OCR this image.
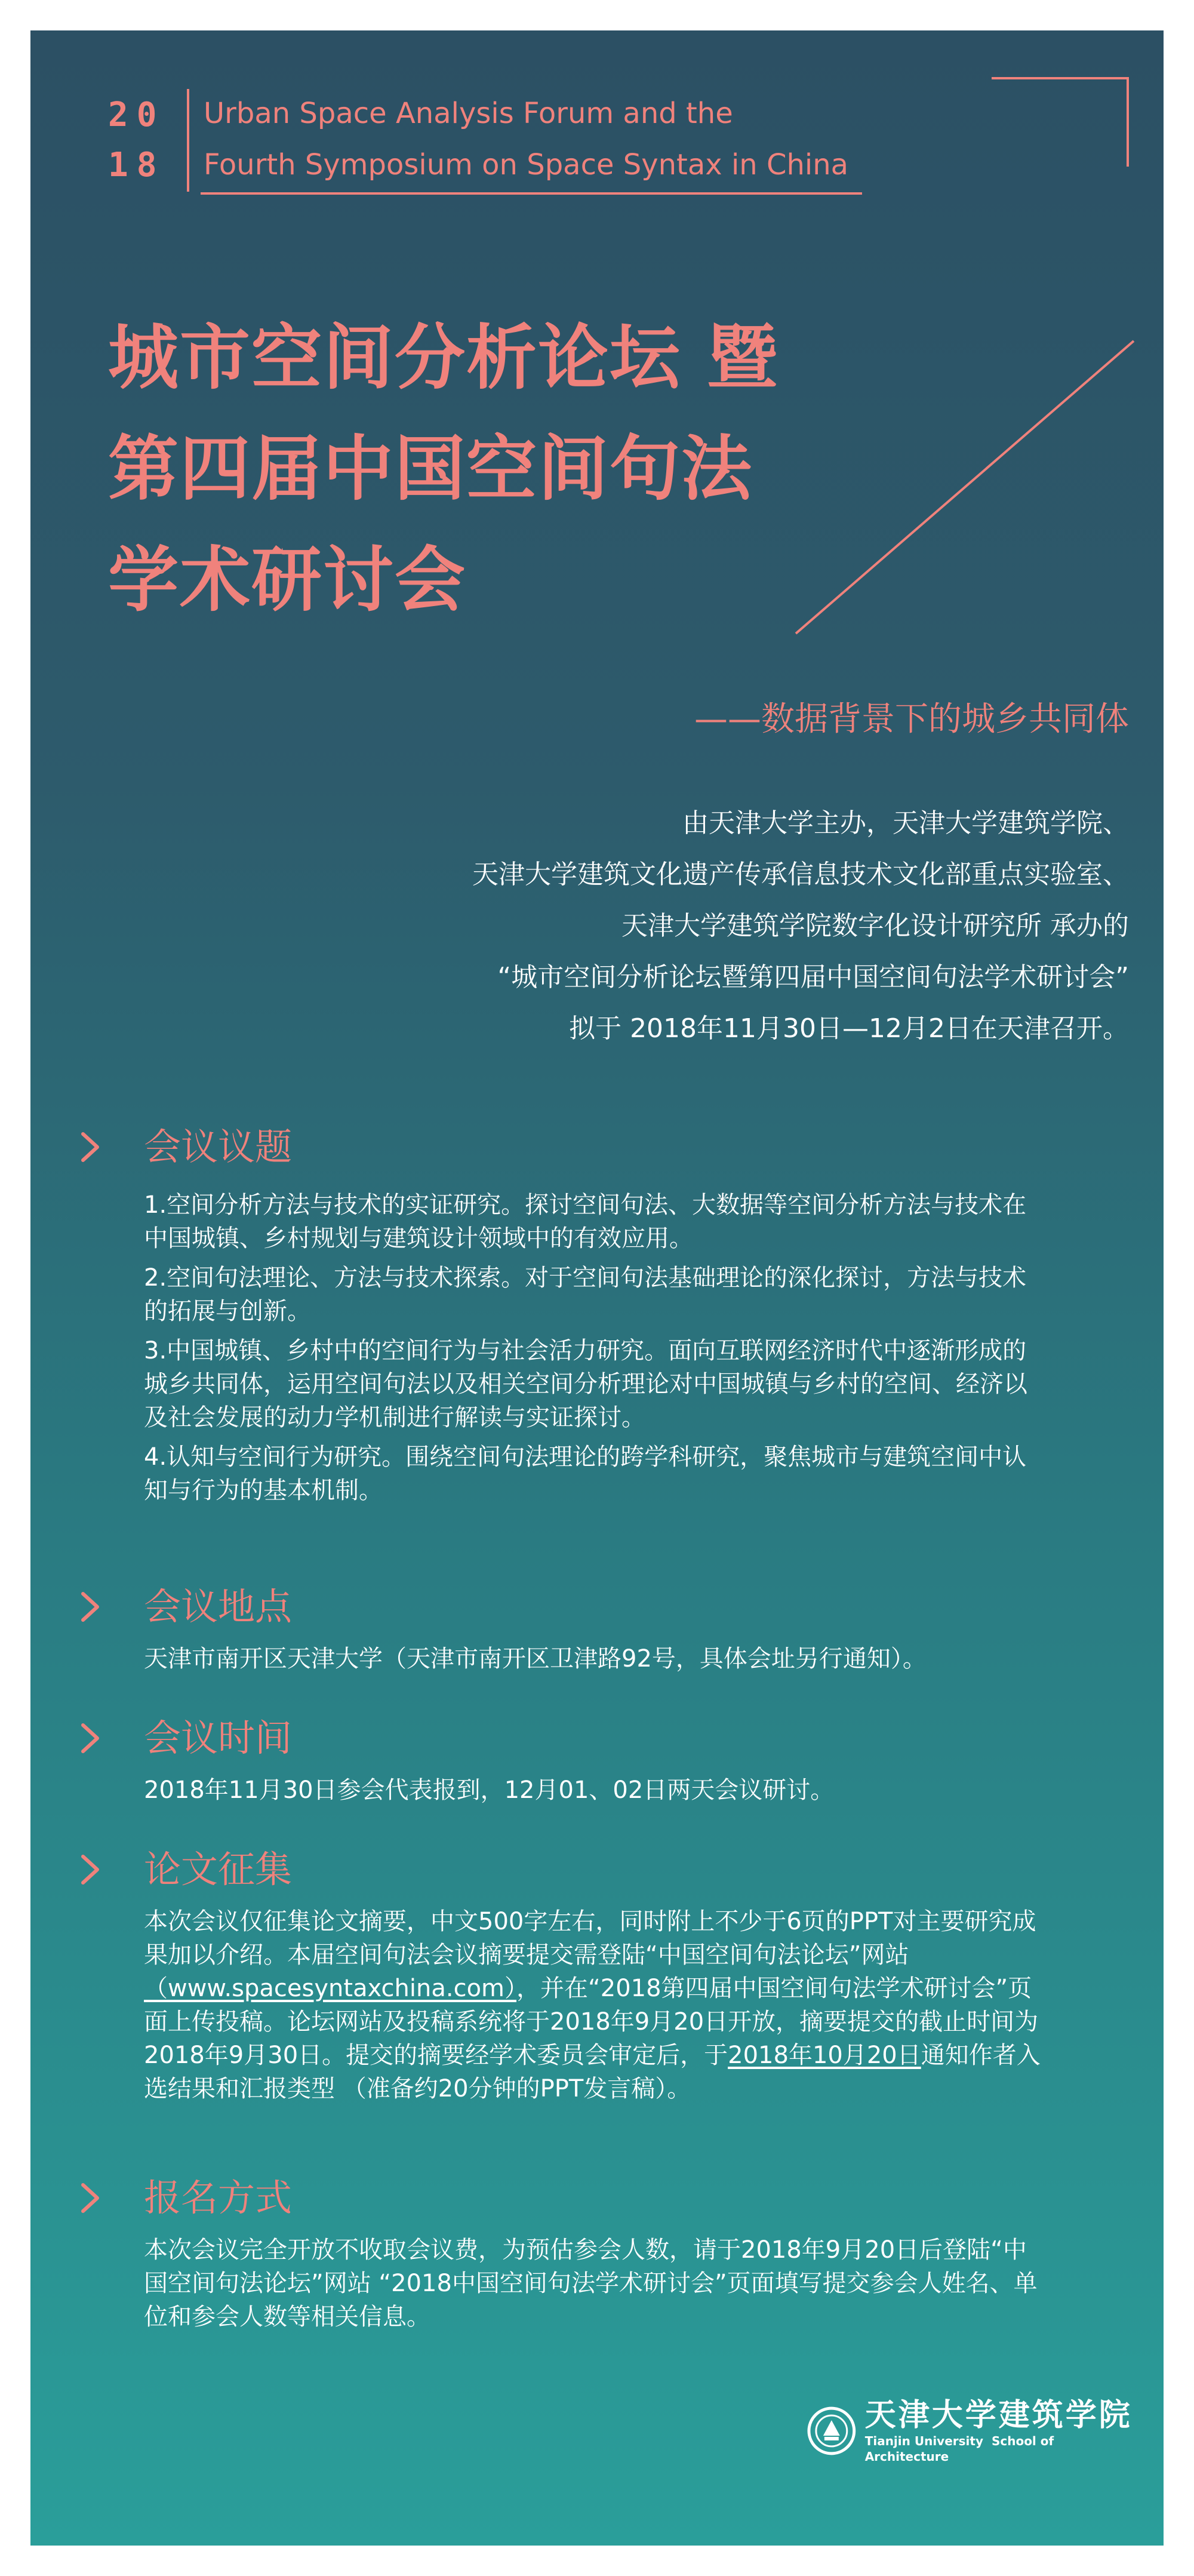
20
18
Urban Space Analysis Forum and the
Fourth Symposium on Space Syntax in China
城市空间分析论坛 暨
第四届中国空间句法
学术研讨会
——数据背景下的城乡共同体
由天津大学主办，天津大学建筑学院、
天津大学建筑文化遗产传承信息技术文化部重点实验室、
天津大学建筑学院数字化设计研究所 承办的
“城市空间分析论坛暨第四届中国空间句法学术研讨会”
拟于 2018年11月30日—12月2日在天津召开。
会议议题

1.空间分析方法与技术的实证研究。探讨空间句法、大数据等空间分析方法与技术在中国城镇、乡村规划与建筑设计领域中的有效应用。

2.空间句法理论、方法与技术探索。对于空间句法基础理论的深化探讨，方法与技术的拓展与创新。

3.中国城镇、乡村中的空间行为与社会活力研究。面向互联网经济时代中逐渐形成的城乡共同体，运用空间句法以及相关空间分析理论对中国城镇与乡村的空间、经济以及社会发展的动力学机制进行解读与实证探讨。

4.认知与空间行为研究。围绕空间句法理论的跨学科研究，聚焦城市与建筑空间中认知与行为的基本机制。

会议地点

天津市南开区天津大学（天津市南开区卫津路92号，具体会址另行通知）。

会议时间

2018年11月30日参会代表报到，12月01、02日两天会议研讨。

论文征集

本次会议仅征集论文摘要，中文500字左右，同时附上不少于6页的PPT对主要研究成果加以介绍。本届空间句法会议摘要提交需登陆“中国空间句法论坛”网站（www.spacesyntaxchina.com），并在“2018第四届中国空间句法学术研讨会”页面上传投稿。论坛网站及投稿系统将于2018年9月20日开放，摘要提交的截止时间为2018年9月30日。提交的摘要经学术委员会审定后，于2018年10月20日通知作者入选结果和汇报类型 （准备约20分钟的PPT发言稿）。

报名方式

本次会议完全开放不收取会议费，为预估参会人数，请于2018年9月20日后登陆“中国空间句法论坛”网站 “2018中国空间句法学术研讨会”页面填写提交参会人姓名、单位和参会人数等相关信息。

天津大学建筑学院
Tianjin University School of Architecture
